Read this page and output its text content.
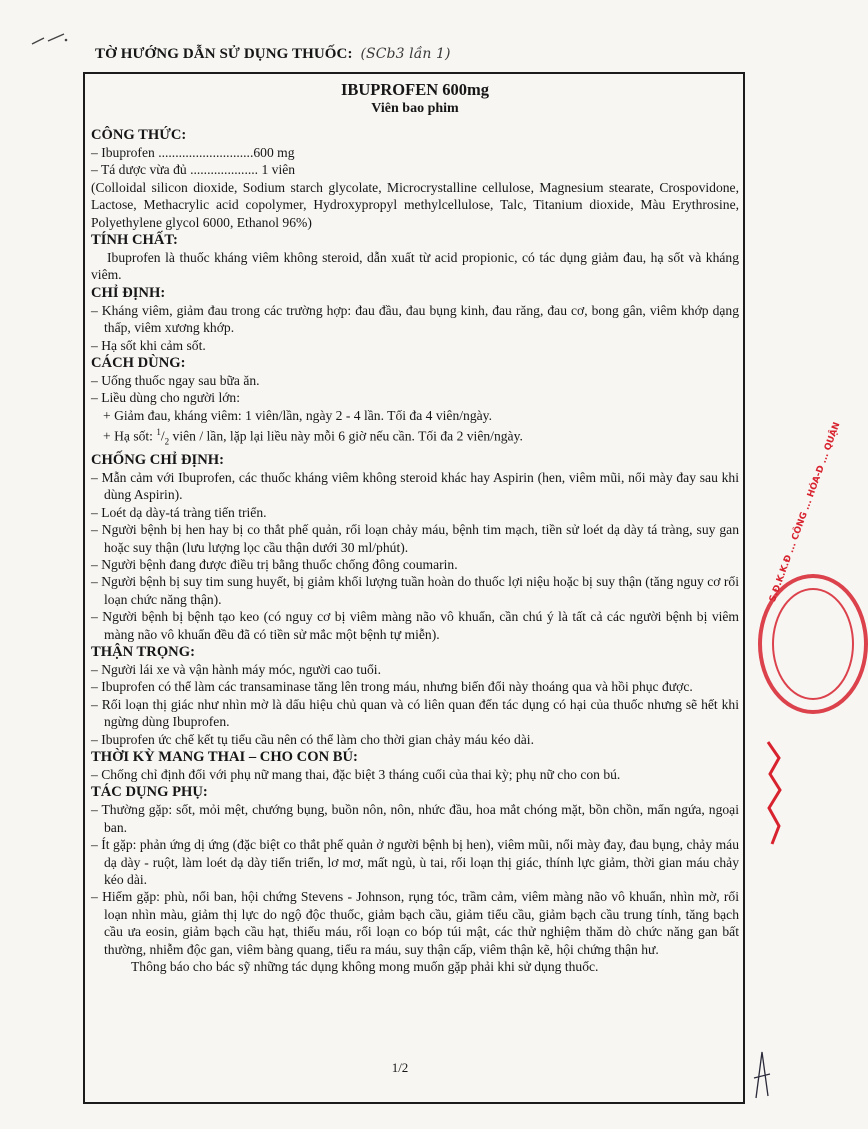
TỜ HƯỚNG DẪN SỬ DỤNG THUỐC: (SCb3 lần 1)
IBUPROFEN 600mg
Viên bao phim
CÔNG THỨC:
– Ibuprofen ............................600 mg
– Tá dược vừa đủ .................... 1 viên
(Colloidal silicon dioxide, Sodium starch glycolate, Microcrystalline cellulose, Magnesium stearate, Crospovidone, Lactose, Methacrylic acid copolymer, Hydroxypropyl methylcellulose, Talc, Titanium dioxide, Màu Erythrosine, Polyethylene glycol 6000, Ethanol 96%)
TÍNH CHẤT:
Ibuprofen là thuốc kháng viêm không steroid, dẫn xuất từ acid propionic, có tác dụng giảm đau, hạ sốt và kháng viêm.
CHỈ ĐỊNH:
– Kháng viêm, giảm đau trong các trường hợp: đau đầu, đau bụng kinh, đau răng, đau cơ, bong gân, viêm khớp dạng thấp, viêm xương khớp.
– Hạ sốt khi cảm sốt.
CÁCH DÙNG:
– Uống thuốc ngay sau bữa ăn.
– Liều dùng cho người lớn:
+ Giảm đau, kháng viêm: 1 viên/lần, ngày 2 - 4 lần. Tối đa 4 viên/ngày.
+ Hạ sốt: $^1/_2$ viên / lần, lặp lại liều này mỗi 6 giờ nếu cần. Tối đa 2 viên/ngày.
CHỐNG CHỈ ĐỊNH:
– Mẫn cảm với Ibuprofen, các thuốc kháng viêm không steroid khác hay Aspirin (hen, viêm mũi, nổi mày đay sau khi dùng Aspirin).
– Loét dạ dày-tá tràng tiến triển.
– Người bệnh bị hen hay bị co thắt phế quản, rối loạn chảy máu, bệnh tim mạch, tiền sử loét dạ dày tá tràng, suy gan hoặc suy thận (lưu lượng lọc cầu thận dưới 30 ml/phút).
– Người bệnh đang được điều trị bằng thuốc chống đông coumarin.
– Người bệnh bị suy tim sung huyết, bị giảm khối lượng tuần hoàn do thuốc lợi niệu hoặc bị suy thận (tăng nguy cơ rối loạn chức năng thận).
– Người bệnh bị bệnh tạo keo (có nguy cơ bị viêm màng não vô khuẩn, cần chú ý là tất cả các người bệnh bị viêm màng não vô khuẩn đều đã có tiền sử mắc một bệnh tự miễn).
THẬN TRỌNG:
– Người lái xe và vận hành máy móc, người cao tuổi.
– Ibuprofen có thể làm các transaminase tăng lên trong máu, nhưng biến đổi này thoáng qua và hồi phục được.
– Rối loạn thị giác như nhìn mờ là dấu hiệu chủ quan và có liên quan đến tác dụng có hại của thuốc nhưng sẽ hết khi ngừng dùng Ibuprofen.
– Ibuprofen ức chế kết tụ tiểu cầu nên có thể làm cho thời gian chảy máu kéo dài.
THỜI KỲ MANG THAI – CHO CON BÚ:
– Chống chỉ định đối với phụ nữ mang thai, đặc biệt 3 tháng cuối của thai kỳ; phụ nữ cho con bú.
TÁC DỤNG PHỤ:
– Thường gặp: sốt, mỏi mệt, chướng bụng, buồn nôn, nôn, nhức đầu, hoa mắt chóng mặt, bồn chồn, mẩn ngứa, ngoại ban.
– Ít gặp: phản ứng dị ứng (đặc biệt co thắt phế quản ở người bệnh bị hen), viêm mũi, nổi mày đay, đau bụng, chảy máu dạ dày - ruột, làm loét dạ dày tiến triển, lơ mơ, mất ngủ, ù tai, rối loạn thị giác, thính lực giảm, thời gian máu chảy kéo dài.
– Hiếm gặp: phù, nổi ban, hội chứng Stevens - Johnson, rụng tóc, trầm cảm, viêm màng não vô khuẩn, nhìn mờ, rối loạn nhìn màu, giảm thị lực do ngộ độc thuốc, giảm bạch cầu, giảm tiểu cầu, giảm bạch cầu trung tính, tăng bạch cầu ưa eosin, giảm bạch cầu hạt, thiếu máu, rối loạn co bóp túi mật, các thử nghiệm thăm dò chức năng gan bất thường, nhiễm độc gan, viêm bàng quang, tiểu ra máu, suy thận cấp, viêm thận kẽ, hội chứng thận hư.
Thông báo cho bác sỹ những tác dụng không mong muốn gặp phải khi sử dụng thuốc.
1/2
S.Đ.K.K.Đ ... CÔNG ... HÓA-D ... QUẬN
